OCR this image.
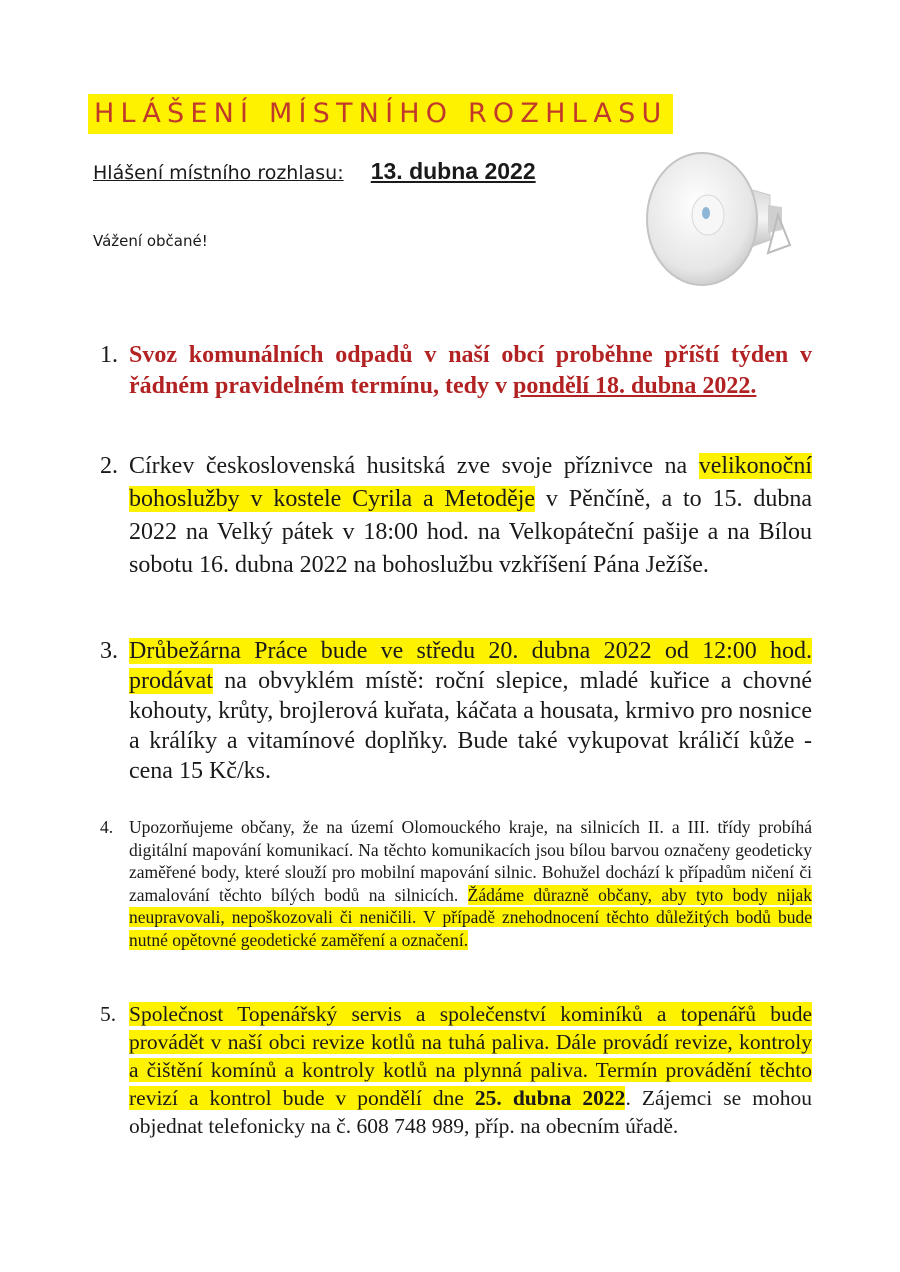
HLÁŠENÍ MÍSTNÍHO ROZHLASU
Hlášení místního rozhlasu: 13. dubna 2022
Vážení občané!
1. Svoz komunálních odpadů v naší obcí proběhne příští týden v řádném pravidelném termínu, tedy v pondělí 18. dubna 2022.
2. Církev československá husitská zve svoje příznivce na velikonoční bohoslužby v kostele Cyrila a Metoděje v Pěnčíně, a to 15. dubna 2022 na Velký pátek v 18:00 hod. na Velkopáteční pašije a na Bílou sobotu 16. dubna 2022 na bohoslužbu vzkříšení Pána Ježíše.
3. Drůbežárna Práce bude ve středu 20. dubna 2022 od 12:00 hod. prodávat na obvyklém místě: roční slepice, mladé kuřice a chovné kohouty, krůty, brojlerová kuřata, káčata a housata, krmivo pro nosnice a králíky a vitamínové doplňky. Bude také vykupovat králičí kůže - cena 15 Kč/ks.
4. Upozorňujeme občany, že na území Olomouckého kraje, na silnicích II. a III. třídy probíhá digitální mapování komunikací. Na těchto komunikacích jsou bílou barvou označeny geodeticky zaměřené body, které slouží pro mobilní mapování silnic. Bohužel dochází k případům ničení či zamalování těchto bílých bodů na silnicích. Žádáme důrazně občany, aby tyto body nijak neupravovali, nepoškozovali či neničili. V případě znehodnocení těchto důležitých bodů bude nutné opětovné geodetické zaměření a označení.
5. Společnost Topenářský servis a společenství kominíků a topenářů bude provádět v naší obci revize kotlů na tuhá paliva. Dále provádí revize, kontroly a čištění komínů a kontroly kotlů na plynná paliva. Termín provádění těchto revizí a kontrol bude v pondělí dne 25. dubna 2022. Zájemci se mohou objednat telefonicky na č. 608 748 989, příp. na obecním úřadě.
